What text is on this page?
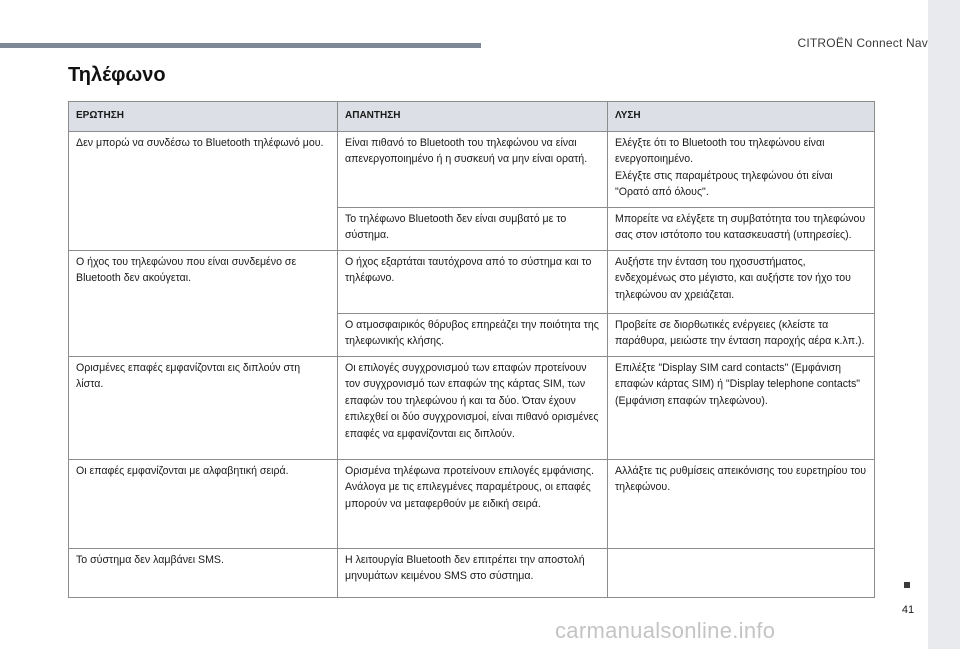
CITROËN Connect Nav
Τηλέφωνο
ΕΡΩΤΗΣΗ	ΑΠΑΝΤΗΣΗ	ΛΥΣΗ
Δεν μπορώ να συνδέσω το Bluetooth τηλέφωνό μου.	Είναι πιθανό το Bluetooth του τηλεφώνου να είναι απενεργοποιημένο ή η συσκευή να μην είναι ορατή.	Ελέγξτε ότι το Bluetooth του τηλεφώνου είναι ενεργοποιημένο.
Ελέγξτε στις παραμέτρους τηλεφώνου ότι είναι "Ορατό από όλους".

	Το τηλέφωνο Bluetooth δεν είναι συμβατό με το σύστημα.	Μπορείτε να ελέγξετε τη συμβατότητα του τηλεφώνου σας στον ιστότοπο του κατασκευαστή (υπηρεσίες).

Ο ήχος του τηλεφώνου που είναι συνδεμένο σε Bluetooth δεν ακούγεται.	Ο ήχος εξαρτάται ταυτόχρονα από το σύστημα και το τηλέφωνο.	Αυξήστε την ένταση του ηχοσυστήματος, ενδεχομένως στο μέγιστο, και αυξήστε τον ήχο του τηλεφώνου αν χρειάζεται.

	Ο ατμοσφαιρικός θόρυβος επηρεάζει την ποιότητα της τηλεφωνικής κλήσης.	Προβείτε σε διορθωτικές ενέργειες (κλείστε τα παράθυρα, μειώστε την ένταση παροχής αέρα κ.λπ.).

Ορισμένες επαφές εμφανίζονται εις διπλούν στη λίστα.	Οι επιλογές συγχρονισμού των επαφών προτείνουν τον συγχρονισμό των επαφών της κάρτας SIM, των επαφών του τηλεφώνου ή και τα δύο. Όταν έχουν επιλεχθεί οι δύο συγχρονισμοί, είναι πιθανό ορισμένες επαφές να εμφανίζονται εις διπλούν.	Επιλέξτε "Display SIM card contacts" (Εμφάνιση επαφών κάρτας SIM) ή "Display telephone contacts" (Εμφάνιση επαφών τηλεφώνου).

Οι επαφές εμφανίζονται με αλφαβητική σειρά.	Ορισμένα τηλέφωνα προτείνουν επιλογές εμφάνισης. Ανάλογα με τις επιλεγμένες παραμέτρους, οι επαφές μπορούν να μεταφερθούν με ειδική σειρά.	Αλλάξτε τις ρυθμίσεις απεικόνισης του ευρετηρίου του τηλεφώνου.

Το σύστημα δεν λαμβάνει SMS.	Η λειτουργία Bluetooth δεν επιτρέπει την αποστολή μηνυμάτων κειμένου SMS στο σύστημα.	
41
carmanualsonline.info
